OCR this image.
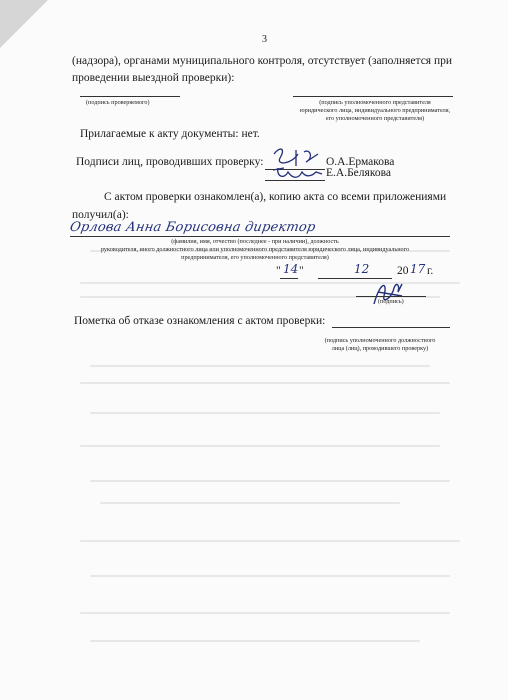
3
(надзора), органами муниципального контроля, отсутствует (заполняется при
проведении выездной проверки):
(подпись проверяемого)	(подпись уполномоченного представителя
юридического лица, индивидуального предпринимателя,
его уполномоченного представителя)
Прилагаемые к акту документы: нет.
Подписи лиц, проводивших проверку:	О.А.Ермакова
Е.А.Белякова
С актом проверки ознакомлен(а), копию акта со всеми приложениями
получил(а):
Орлова Анна Борисовна директор
(фамилия, имя, отчество (последнее - при наличии), должность
руководителя, иного должностного лица или уполномоченного представителя юридического лица, индивидуального
предпринимателя, его уполномоченного представителя)
" 14 "	12 20 17 г.
(подпись)
Пометка об отказе ознакомления с актом проверки:
(подпись уполномоченного должностного
лица (лиц), проводившего проверку)
